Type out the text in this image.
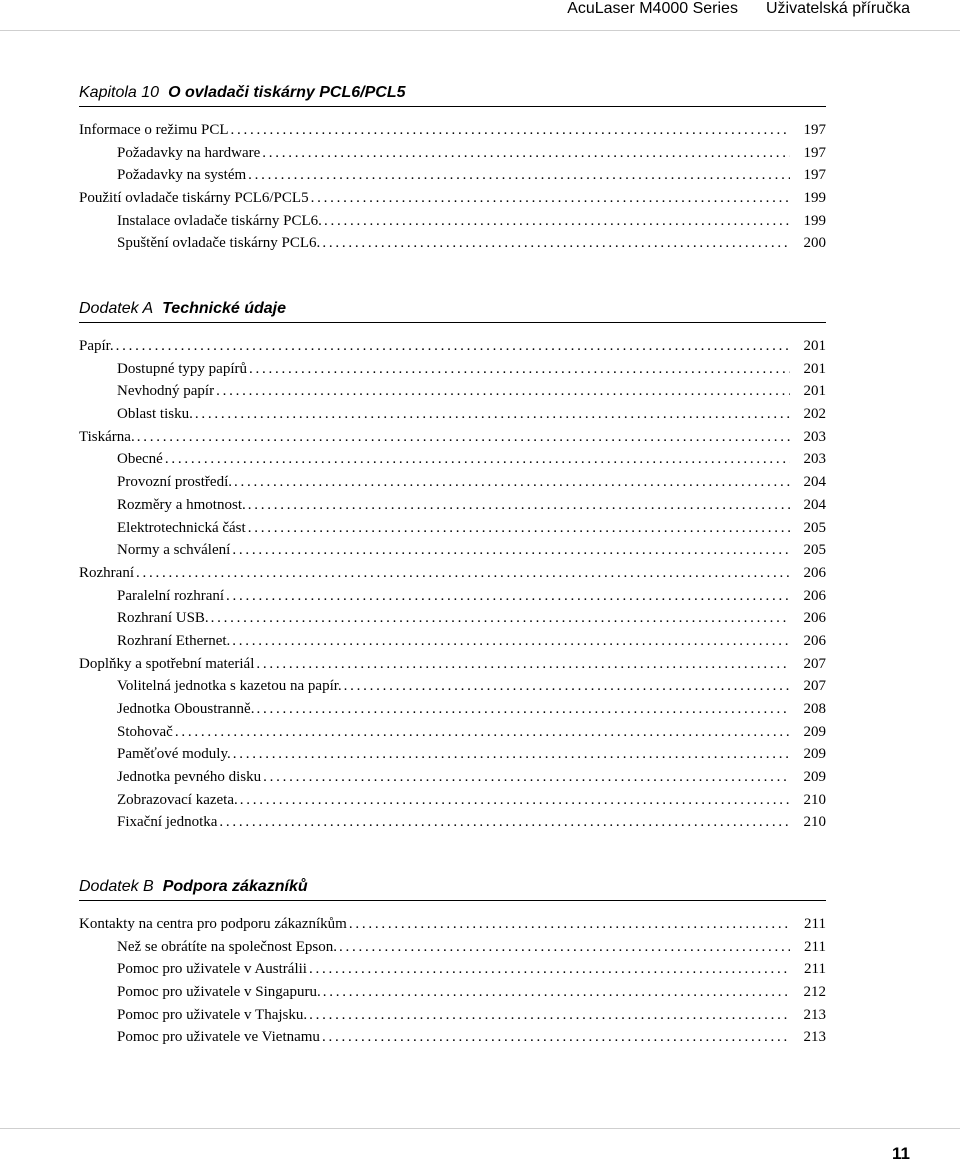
AcuLaser M4000 Series Uživatelská příručka
Kapitola 10 O ovladači tiskárny PCL6/PCL5
Informace o režimu PCL . . .	197
Požadavky na hardware . . .	197
Požadavky na systém . . .	197
Použití ovladače tiskárny PCL6/PCL5 . . .	199
Instalace ovladače tiskárny PCL6. . . .	199
Spuštění ovladače tiskárny PCL6. . . .	200
Dodatek A Technické údaje
Papír. . . .	201
Dostupné typy papírů . . .	201
Nevhodný papír . . .	201
Oblast tisku. . . .	202
Tiskárna. . . .	203
Obecné . . .	203
Provozní prostředí. . . .	204
Rozměry a hmotnost. . . .	204
Elektrotechnická část . . .	205
Normy a schválení . . .	205
Rozhraní . . .	206
Paralelní rozhraní . . .	206
Rozhraní USB. . . .	206
Rozhraní Ethernet. . . .	206
Doplňky a spotřební materiál . . .	207
Volitelná jednotka s kazetou na papír. . . .	207
Jednotka Oboustranně. . . .	208
Stohovač . . .	209
Paměťové moduly. . . .	209
Jednotka pevného disku . . .	209
Zobrazovací kazeta. . . .	210
Fixační jednotka . . .	210
Dodatek B Podpora zákazníků
Kontakty na centra pro podporu zákazníkům . . .	211
Než se obrátíte na společnost Epson. . . .	211
Pomoc pro uživatele v Austrálii . . .	211
Pomoc pro uživatele v Singapuru. . . .	212
Pomoc pro uživatele v Thajsku. . . .	213
Pomoc pro uživatele ve Vietnamu . . .	213
11
